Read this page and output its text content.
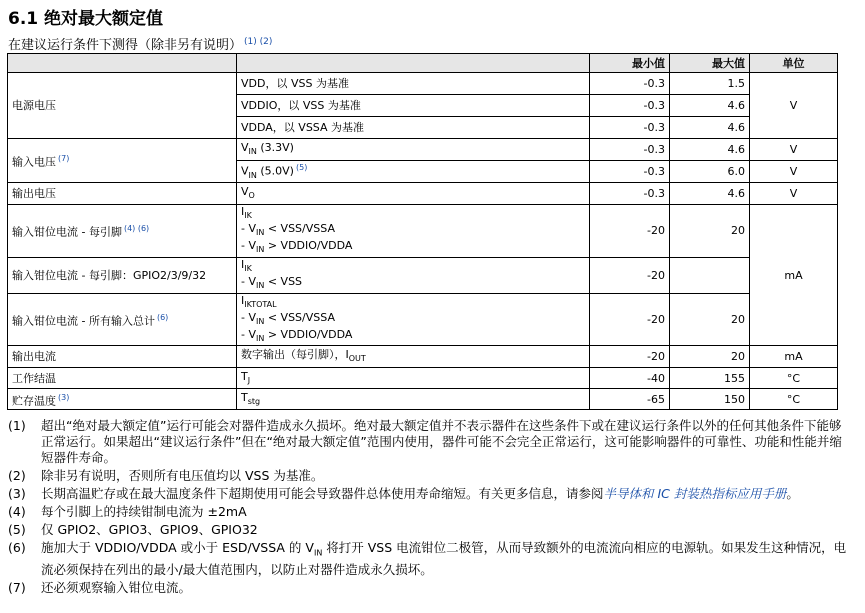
6.1 绝对最大额定值
在建议运行条件下测得（除非另有说明） $^{(1) (2)}$
		最小值	最大值	单位
电源电压	VDD，以 VSS 为基准	-0.3	1.5	V
	VDDIO，以 VSS 为基准	-0.3	4.6	
	VDDA，以 VSSA 为基准	-0.3	4.6	
输入电压 $^{(7)}$	$V_{IN}$ (3.3V)	-0.3	4.6	V
	$V_{IN}$ (5.0V) $^{(5)}$	-0.3	6.0	V
输出电压	$V_O$	-0.3	4.6	V
输入钳位电流 - 每引脚 $^{(4) (6)}$	$I_{IK}$
- $V_{IN}$ < VSS/VSSA
- $V_{IN}$ > VDDIO/VDDA	-20	20	mA
输入钳位电流 - 每引脚：GPIO2/3/9/32	$I_{IK}$
- $V_{IN}$ < VSS	-20		
输入钳位电流 - 所有输入总计 $^{(6)}$	$I_{IKTOTAL}$
- $V_{IN}$ < VSS/VSSA
- $V_{IN}$ > VDDIO/VDDA	-20	20	
输出电流	数字输出（每引脚），$I_{OUT}$	-20	20	mA
工作结温	$T_J$	-40	155	°C
贮存温度 $^{(3)}$	$T_{stg}$	-65	150	°C
(1)	超出“绝对最大额定值”运行可能会对器件造成永久损坏。绝对最大额定值并不表示器件在这些条件下或在建议运行条件以外的任何其他条件下能够正常运行。如果超出“建议运行条件”但在“绝对最大额定值”范围内使用，器件可能不会完全正常运行，这可能影响器件的可靠性、功能和性能并缩短器件寿命。
(2)	除非另有说明，否则所有电压值均以 VSS 为基准。
(3)	长期高温贮存或在最大温度条件下超期使用可能会导致器件总体使用寿命缩短。有关更多信息，请参阅半导体和 IC 封装热指标应用手册。
(4)	每个引脚上的持续钳制电流为 ±2mA
(5)	仅 GPIO2、GPIO3、GPIO9、GPIO32
(6)	施加大于 VDDIO/VDDA 或小于 ESD/VSSA 的 $V_{IN}$ 将打开 VSS 电流钳位二极管，从而导致额外的电流流向相应的电源轨。如果发生这种情况，电流必须保持在列出的最小/最大值范围内，以防止对器件造成永久损坏。
(7)	还必须观察输入钳位电流。
